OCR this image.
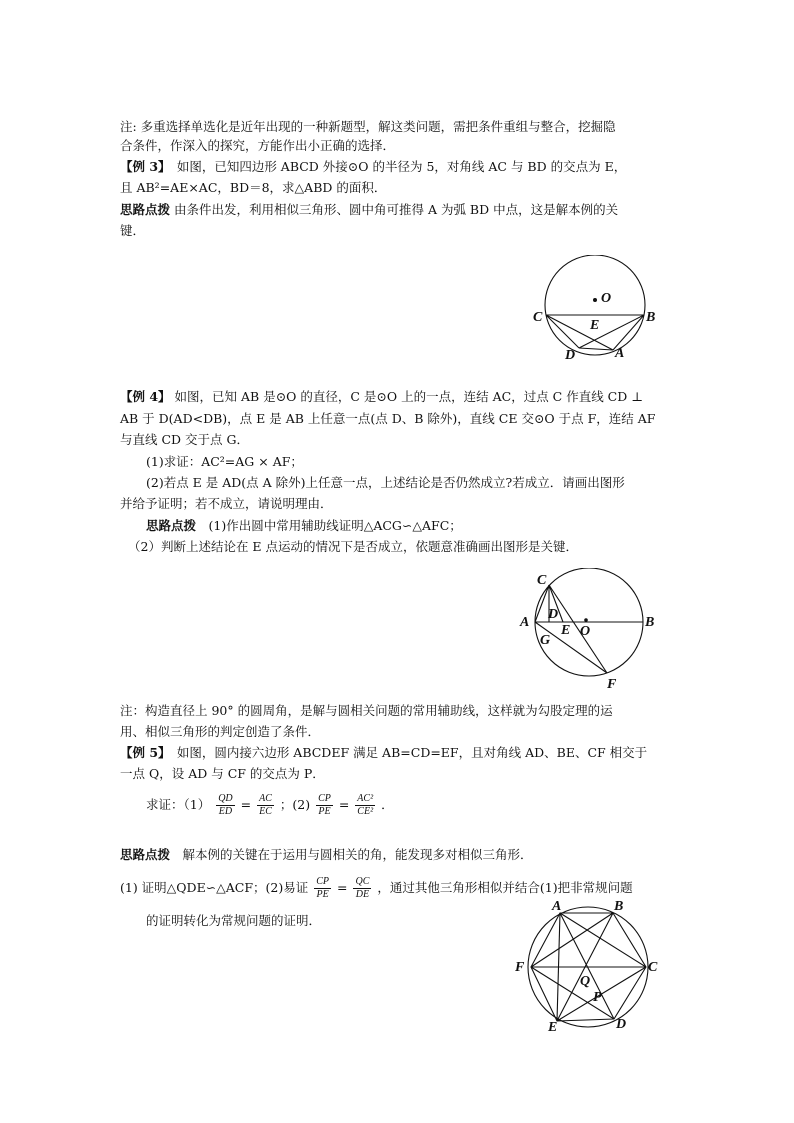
注: 多重选择单选化是近年出现的一种新题型，解这类问题，需把条件重组与整合，挖掘隐
合条件，作深入的探究，方能作出小正确的选择．
【例 3】　如图，已知四边形 ABCD 外接⊙O 的半径为 5，对角线 AC 与 BD 的交点为 E，
且 AB²=AE×AC，BD＝8，求△ABD 的面积．
思路点拨 由条件出发，利用相似三角形、圆中角可推得 A 为弧 BD 中点，这是解本例的关
键．
O
C	B
E
D	A
【例 4】 如图，已知 AB 是⊙O 的直径，C 是⊙O 上的一点，连结 AC，过点 C 作直线 CD ⊥
AB 于 D(AD<DB)，点 E 是 AB 上任意一点(点 D、B 除外)，直线 CE 交⊙O 于点 F，连结 AF
与直线 CD 交于点 G．
(1)求证：AC²=AG × AF；
(2)若点 E 是 AD(点 A 除外)上任意一点，上述结论是否仍然成立?若成立．请画出图形
并给予证明；若不成立，请说明理由．
思路点拨　(1)作出圆中常用辅助线证明△ACG∽△AFC；
（2）判断上述结论在 E 点运动的情况下是否成立，依题意准确画出图形是关键．
C
D
A
E O
B
G
F
注：构造直径上 90° 的圆周角，是解与圆相关问题的常用辅助线，这样就为勾股定理的运
用、相似三角形的判定创造了条件．
【例 5】　如图，圆内接六边形 ABCDEF 满足 AB=CD=EF，且对角线 AD、BE、CF 相交于
一点 Q，设 AD 与 CF 的交点为 P．
求证：$(1) \frac{QD}{ED} = \frac{AC}{EC}$ ；$(2) \frac{CP}{PE} = \frac{\text{AC²}}{\text{CE²}}$ ．
思路点拨　解本例的关键在于运用与圆相关的角，能发现多对相似三角形．
(1) 证明△QDE∽△ACF；(2)易证 $\frac{CP}{PE} = \frac{QC}{DE}$ ，通过其他三角形相似并结合(1)把非常规问题
的证明转化为常规问题的证明．
A	B
F	C
Q
P
E	D
